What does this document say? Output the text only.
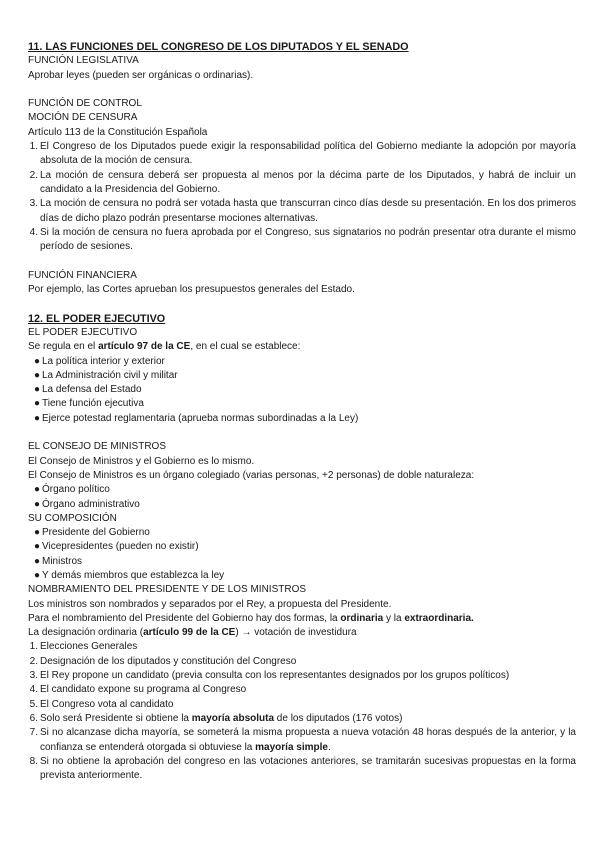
11. LAS FUNCIONES DEL CONGRESO DE LOS DIPUTADOS Y EL SENADO

FUNCIÓN LEGISLATIVA

Aprobar leyes (pueden ser orgánicas o ordinarias).

FUNCIÓN DE CONTROL

MOCIÓN DE CENSURA

Artículo 113 de la Constitución Española

1. El Congreso de los Diputados puede exigir la responsabilidad política del Gobierno mediante la adopción por mayoría absoluta de la moción de censura.
2. La moción de censura deberá ser propuesta al menos por la décima parte de los Diputados, y habrá de incluir un candidato a la Presidencia del Gobierno.
3. La moción de censura no podrá ser votada hasta que transcurran cinco días desde su presentación. En los dos primeros días de dicho plazo podrán presentarse mociones alternativas.
4. Si la moción de censura no fuera aprobada por el Congreso, sus signatarios no podrán presentar otra durante el mismo período de sesiones.

FUNCIÓN FINANCIERA

Por ejemplo, las Cortes aprueban los presupuestos generales del Estado.

12. EL PODER EJECUTIVO

EL PODER EJECUTIVO

Se regula en el artículo 97 de la CE, en el cual se establece:

● La política interior y exterior
● La Administración civil y militar
● La defensa del Estado
● Tiene función ejecutiva
● Ejerce potestad reglamentaria (aprueba normas subordinadas a la Ley)

EL CONSEJO DE MINISTROS

El Consejo de Ministros y el Gobierno es lo mismo.

El Consejo de Ministros es un órgano colegiado (varias personas, +2 personas) de doble naturaleza:

● Órgano político
● Órgano administrativo

SU COMPOSICIÓN

● Presidente del Gobierno
● Vicepresidentes (pueden no existir)
● Ministros
● Y demás miembros que establezca la ley

NOMBRAMIENTO DEL PRESIDENTE Y DE LOS MINISTROS

Los ministros son nombrados y separados por el Rey, a propuesta del Presidente.

Para el nombramiento del Presidente del Gobierno hay dos formas, la ordinaria y la extraordinaria.

La designación ordinaria (artículo 99 de la CE) → votación de investidura

1. Elecciones Generales
2. Designación de los diputados y constitución del Congreso
3. El Rey propone un candidato (previa consulta con los representantes designados por los grupos políticos)
4. El candidato expone su programa al Congreso
5. El Congreso vota al candidato
6. Solo será Presidente si obtiene la mayoría absoluta de los diputados (176 votos)
7. Si no alcanzase dicha mayoría, se someterá la misma propuesta a nueva votación 48 horas después de la anterior, y la confianza se entenderá otorgada si obtuviese la mayoría simple.
8. Si no obtiene la aprobación del congreso en las votaciones anteriores, se tramitarán sucesivas propuestas en la forma prevista anteriormente.
